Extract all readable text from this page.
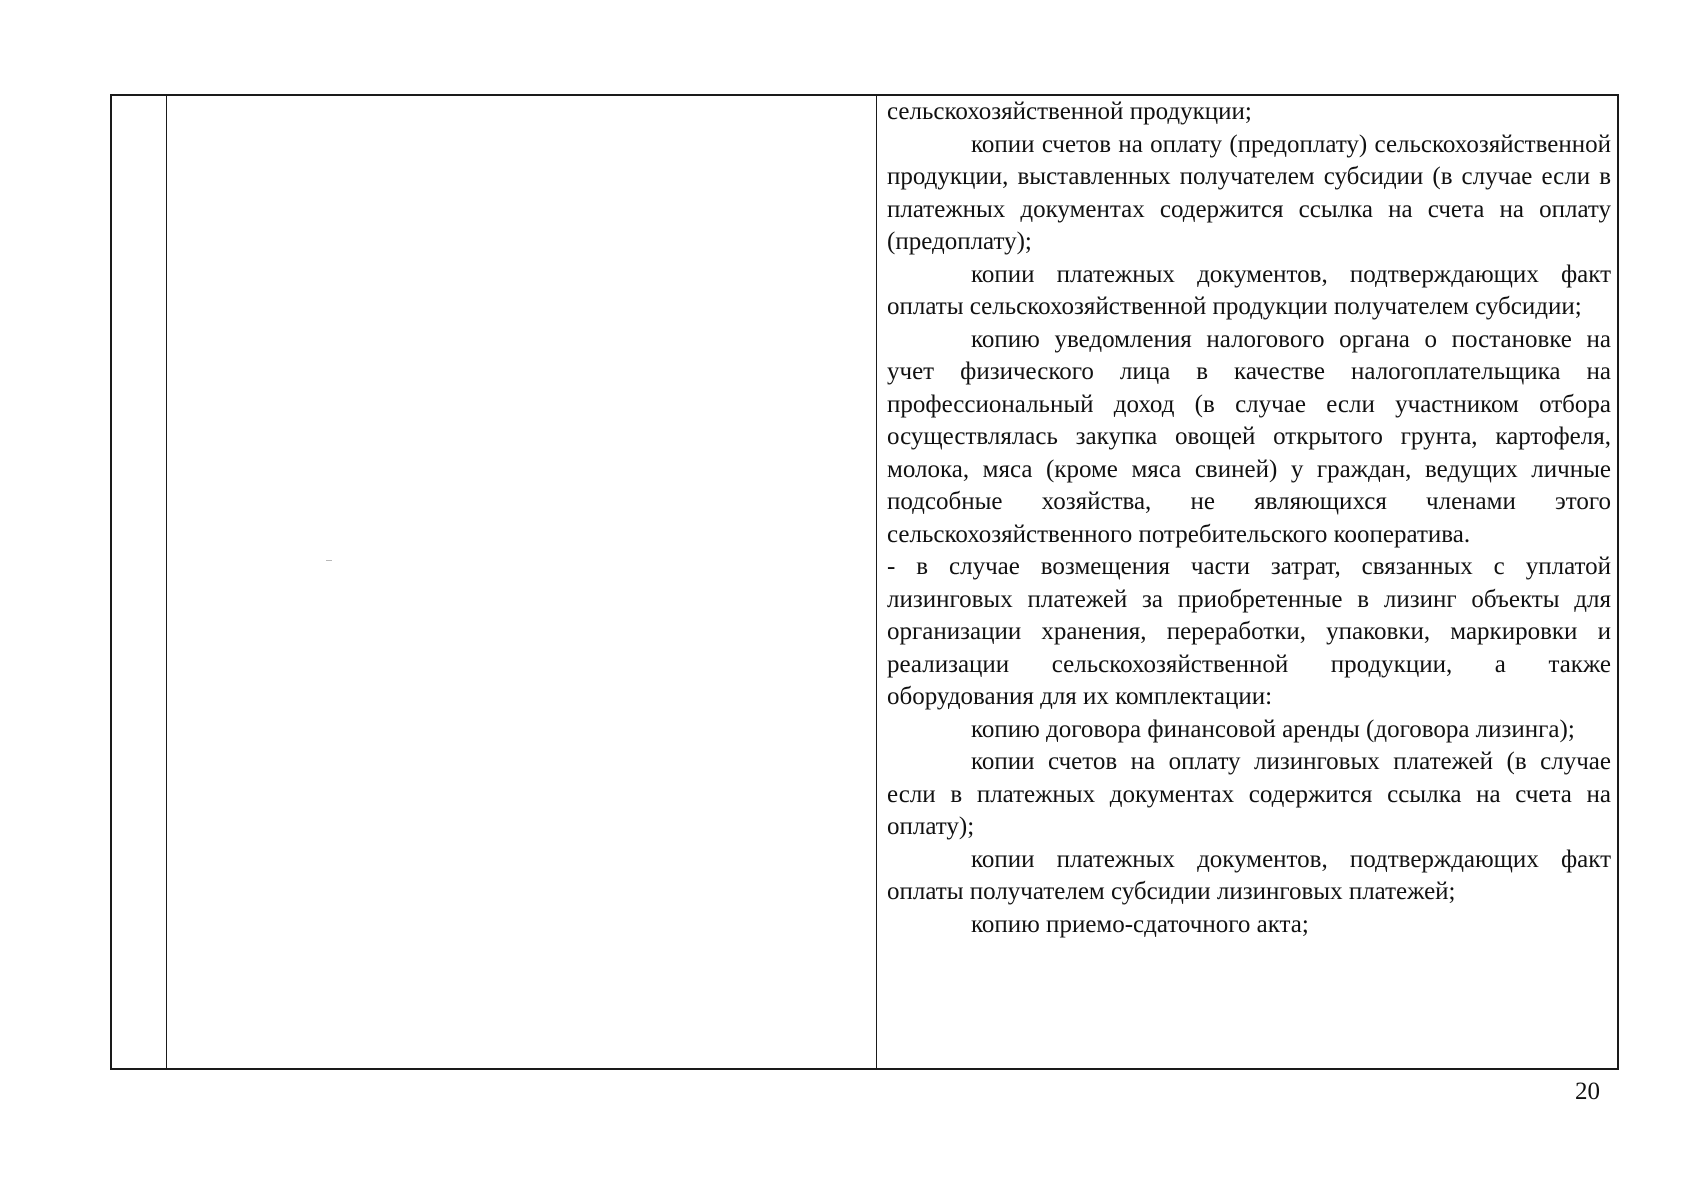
сельскохозяйственной продукции;

копии счетов на оплату (предоплату) сельскохозяйственной продукции, выставленных получателем субсидии (в случае если в платежных документах содержится ссылка на счета на оплату (предоплату);

копии платежных документов, подтверждающих факт оплаты сельскохозяйственной продукции получателем субсидии;

копию уведомления налогового органа о постановке на учет физического лица в качестве налогоплательщика на профессиональный доход (в случае если участником отбора осуществлялась закупка овощей открытого грунта, картофеля, молока, мяса (кроме мяса свиней) у граждан, ведущих личные подсобные хозяйства, не являющихся членами этого сельскохозяйственного потребительского кооператива.

- в случае возмещения части затрат, связанных с уплатой лизинговых платежей за приобретенные в лизинг объекты для организации хранения, переработки, упаковки, маркировки и реализации сельскохозяйственной продукции, а также оборудования для их комплектации:

копию договора финансовой аренды (договора лизинга);

копии счетов на оплату лизинговых платежей (в случае если в платежных документах содержится ссылка на счета на оплату);

копии платежных документов, подтверждающих факт оплаты получателем субсидии лизинговых платежей;

копию приемо-сдаточного акта;

20
